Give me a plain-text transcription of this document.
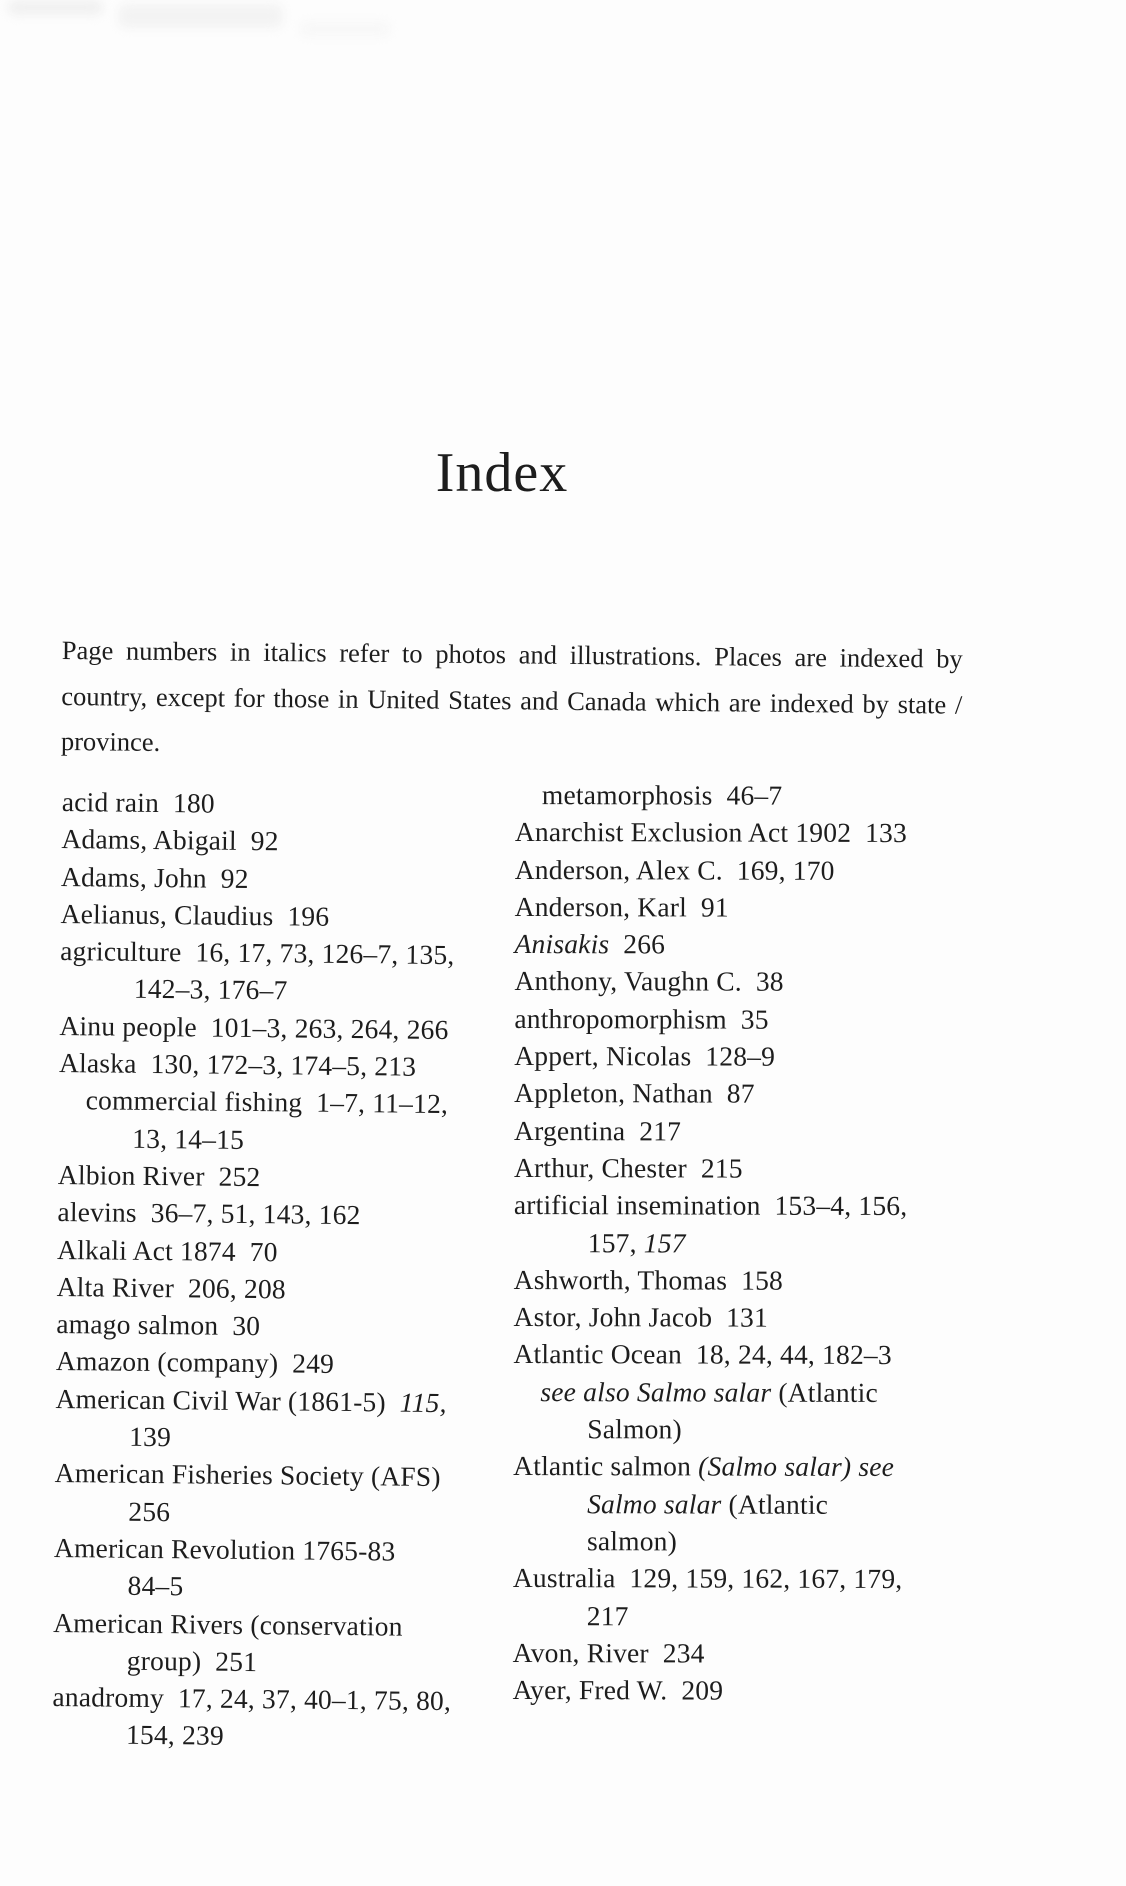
Index

Page numbers in italics refer to photos and illustrations. Places are indexed by country, except for those in United States and Canada which are indexed by state / province.

acid rain 180
Adams, Abigail 92
Adams, John 92
Aelianus, Claudius 196
agriculture 16, 17, 73, 126–7, 135,
142–3, 176–7
Ainu people 101–3, 263, 264, 266
Alaska 130, 172–3, 174–5, 213
commercial fishing 1–7, 11–12,
13, 14–15
Albion River 252
alevins 36–7, 51, 143, 162
Alkali Act 1874 70
Alta River 206, 208
amago salmon 30
Amazon (company) 249
American Civil War (1861-5) 115,
139
American Fisheries Society (AFS)
256
American Revolution 1765-83
84–5
American Rivers (conservation
group) 251
anadromy 17, 24, 37, 40–1, 75, 80,
154, 239
metamorphosis 46–7
Anarchist Exclusion Act 1902 133
Anderson, Alex C. 169, 170
Anderson, Karl 91
Anisakis 266
Anthony, Vaughn C. 38
anthropomorphism 35
Appert, Nicolas 128–9
Appleton, Nathan 87
Argentina 217
Arthur, Chester 215
artificial insemination 153–4, 156,
157, 157
Ashworth, Thomas 158
Astor, John Jacob 131
Atlantic Ocean 18, 24, 44, 182–3
see also Salmo salar (Atlantic
Salmon)
Atlantic salmon (Salmo salar) see
Salmo salar (Atlantic
salmon)
Australia 129, 159, 162, 167, 179,
217
Avon, River 234
Ayer, Fred W. 209
